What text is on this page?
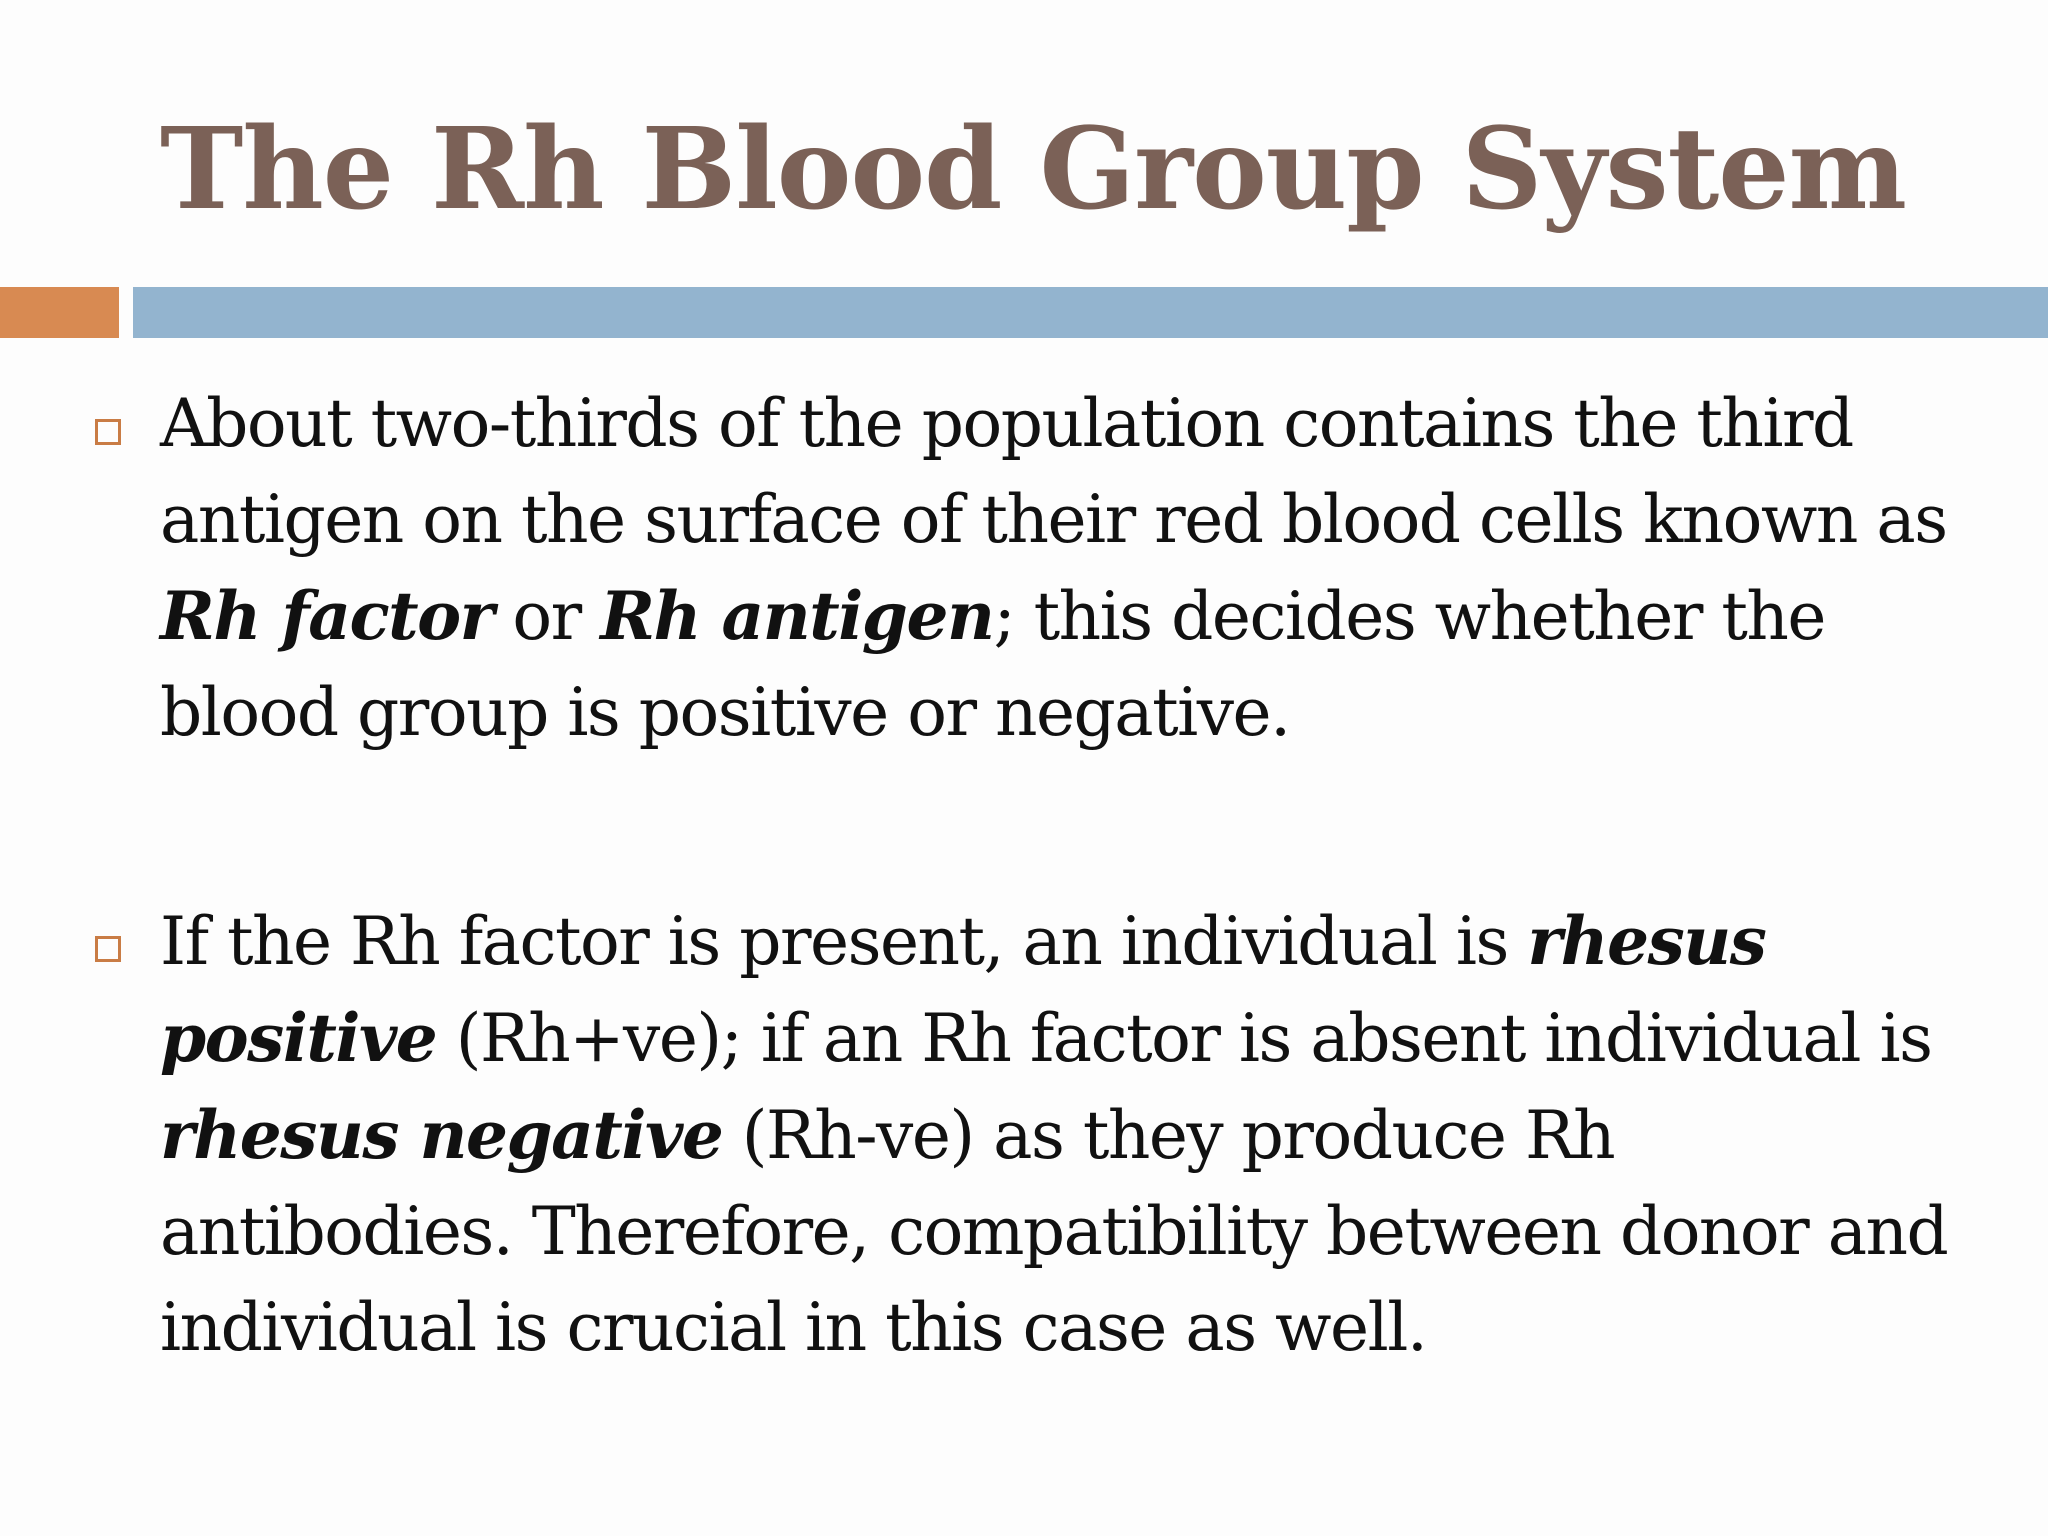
The Rh Blood Group System

About two-thirds of the population contains the third antigen on the surface of their red blood cells known as Rh factor or Rh antigen; this decides whether the blood group is positive or negative.

If the Rh factor is present, an individual is rhesus positive (Rh+ve); if an Rh factor is absent individual is rhesus negative (Rh-ve) as they produce Rh antibodies. Therefore, compatibility between donor and individual is crucial in this case as well.
